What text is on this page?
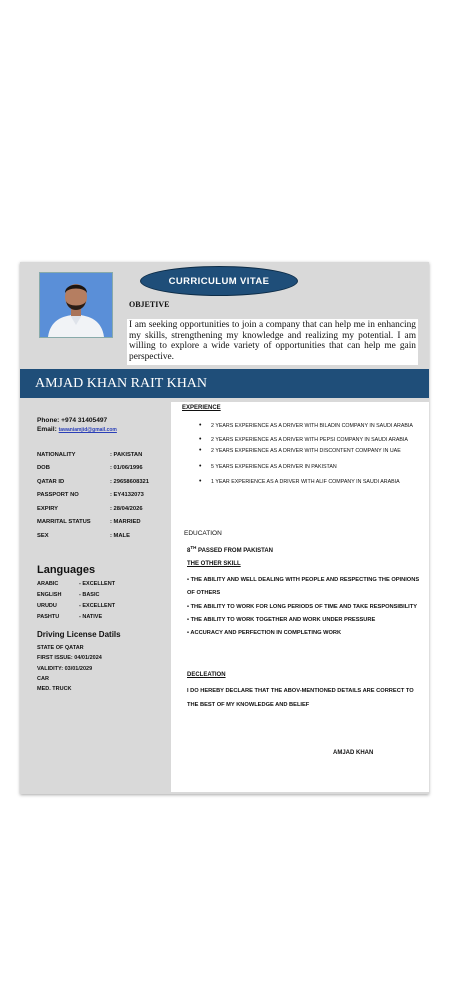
CURRICULUM VITAE
OBJETIVE
I am seeking opportunities to join a company that can help me in enhancing my skills, strengthening my knowledge and realizing my potential. I am willing to explore a wide variety of opportunities that can help me gain perspective.
AMJAD KHAN RAIT KHAN
Phone: +974 31405497
Email: tawaniamjid@gmail.com
NATIONALITY	: PAKISTAN
DOB	: 01/06/1996
QATAR ID	: 29658608321
PASSPORT NO	: EY4132073
EXPIRY	: 28/04/2026
MARRITAL STATUS	: MARRIED
SEX	: MALE
Languages
ARABIC	- EXCELLENT
ENGLISH	- BASIC
URUDU	- EXCELLENT
PASHTU	- NATIVE
Driving License Datils
STATE OF QATAR
FIRST ISSUE: 04/01/2024
VALIDITY: 03/01/2029
CAR
MED. TRUCK
EXPERIENCE
• 2 YEARS EXPERIENCE AS A DRIVER WITH BILADIN COMPANY IN SAUDI ARABIA
• 2 YEARS EXPERIENCE AS A DRIVER WITH PEPSI COMPANY IN SAUDI ARABIA
• 2 YEARS EXPERIENCE AS A DRIVER WITH DISCONTENT COMPANY IN UAE
• 5 YEARS EXPERIENCE AS A DRIVER IN PAKISTAN
• 1 YEAR EXPERIENCE AS A DRIVER WITH ALIF COMPANY IN SAUDI ARABIA
EDUCATION
8TH PASSED FROM PAKISTAN
THE OTHER SKILL
• THE ABILITY AND WELL DEALING WITH PEOPLE AND RESPECTING THE OPINIONS OF OTHERS
• THE ABILITY TO WORK FOR LONG PERIODS OF TIME AND TAKE RESPONSIBILITY
• THE ABILITY TO WORK TOGETHER AND WORK UNDER PRESSURE
• ACCURACY AND PERFECTION IN COMPLETING WORK
DECLEATION
I DO HEREBY DECLARE THAT THE ABOV-MENTIONED DETAILS ARE CORRECT TO THE BEST OF MY KNOWLEDGE AND BELIEF
AMJAD KHAN
